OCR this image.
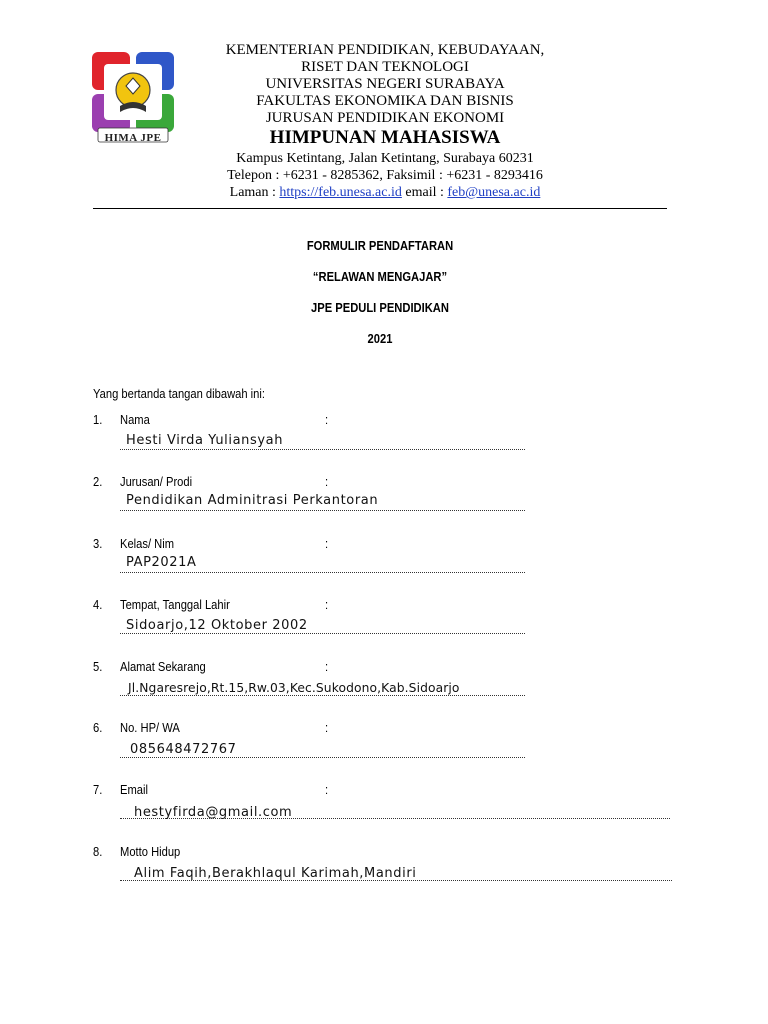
HIMA JPE
KEMENTERIAN PENDIDIKAN, KEBUDAYAAN,
RISET DAN TEKNOLOGI
UNIVERSITAS NEGERI SURABAYA
FAKULTAS EKONOMIKA DAN BISNIS
JURUSAN PENDIDIKAN EKONOMI
HIMPUNAN MAHASISWA
Kampus Ketintang, Jalan Ketintang, Surabaya 60231
Telepon : +6231 - 8285362, Faksimil : +6231 - 8293416
Laman : https://feb.unesa.ac.id email : feb@unesa.ac.id
FORMULIR PENDAFTARAN
“RELAWAN MENGAJAR”
JPE PEDULI PENDIDIKAN
2021
Yang bertanda tangan dibawah ini:
1. Nama	:
Hesti Virda Yuliansyah
2. Jurusan/ Prodi	:
Pendidikan Adminitrasi Perkantoran
3. Kelas/ Nim	:
PAP2021A
4. Tempat, Tanggal Lahir	:
Sidoarjo,12 Oktober 2002
5. Alamat Sekarang	:
Jl.Ngaresrejo,Rt.15,Rw.03,Kec.Sukodono,Kab.Sidoarjo
6. No. HP/ WA	:
085648472767
7. Email	:
hestyfirda@gmail.com
8. Motto Hidup
Alim Faqih,Berakhlaqul Karimah,Mandiri
